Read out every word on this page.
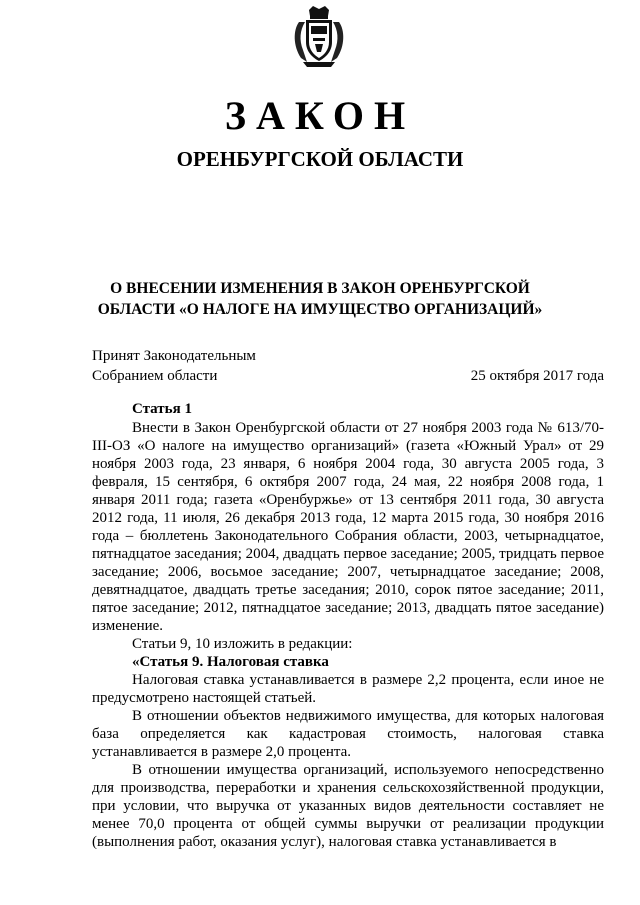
ЗАКОН
ОРЕНБУРГСКОЙ ОБЛАСТИ
О ВНЕСЕНИИ ИЗМЕНЕНИЯ В ЗАКОН ОРЕНБУРГСКОЙ
ОБЛАСТИ «О НАЛОГЕ НА ИМУЩЕСТВО ОРГАНИЗАЦИЙ»
Принят Законодательным
Собранием области	25 октября 2017 года

Статья 1

Внести в Закон Оренбургской области от 27 ноября 2003 года № 613/70-III-ОЗ «О налоге на имущество организаций» (газета «Южный Урал» от 29 ноября 2003 года, 23 января, 6 ноября 2004 года, 30 августа 2005 года, 3 февраля, 15 сентября, 6 октября 2007 года, 24 мая, 22 ноября 2008 года, 1 января 2011 года; газета «Оренбуржье» от 13 сентября 2011 года, 30 августа 2012 года, 11 июля, 26 декабря 2013 года, 12 марта 2015 года, 30 ноября 2016 года – бюллетень Законодательного Собрания области, 2003, четырнадцатое, пятнадцатое заседания; 2004, двадцать первое заседание; 2005, тридцать первое заседание; 2006, восьмое заседание; 2007, четырнадцатое заседание; 2008, девятнадцатое, двадцать третье заседания; 2010, сорок пятое заседание; 2011, пятое заседание; 2012, пятнадцатое заседание; 2013, двадцать пятое заседание) изменение.

Статьи 9, 10 изложить в редакции:

«Статья 9. Налоговая ставка

Налоговая ставка устанавливается в размере 2,2 процента, если иное не предусмотрено настоящей статьей.

В отношении объектов недвижимого имущества, для которых налоговая база определяется как кадастровая стоимость, налоговая ставка устанавливается в размере 2,0 процента.

В отношении имущества организаций, используемого непосредственно для производства, переработки и хранения сельскохозяйственной продукции, при условии, что выручка от указанных видов деятельности составляет не менее 70,0 процента от общей суммы выручки от реализации продукции (выполнения работ, оказания услуг), налоговая ставка устанавливается в
